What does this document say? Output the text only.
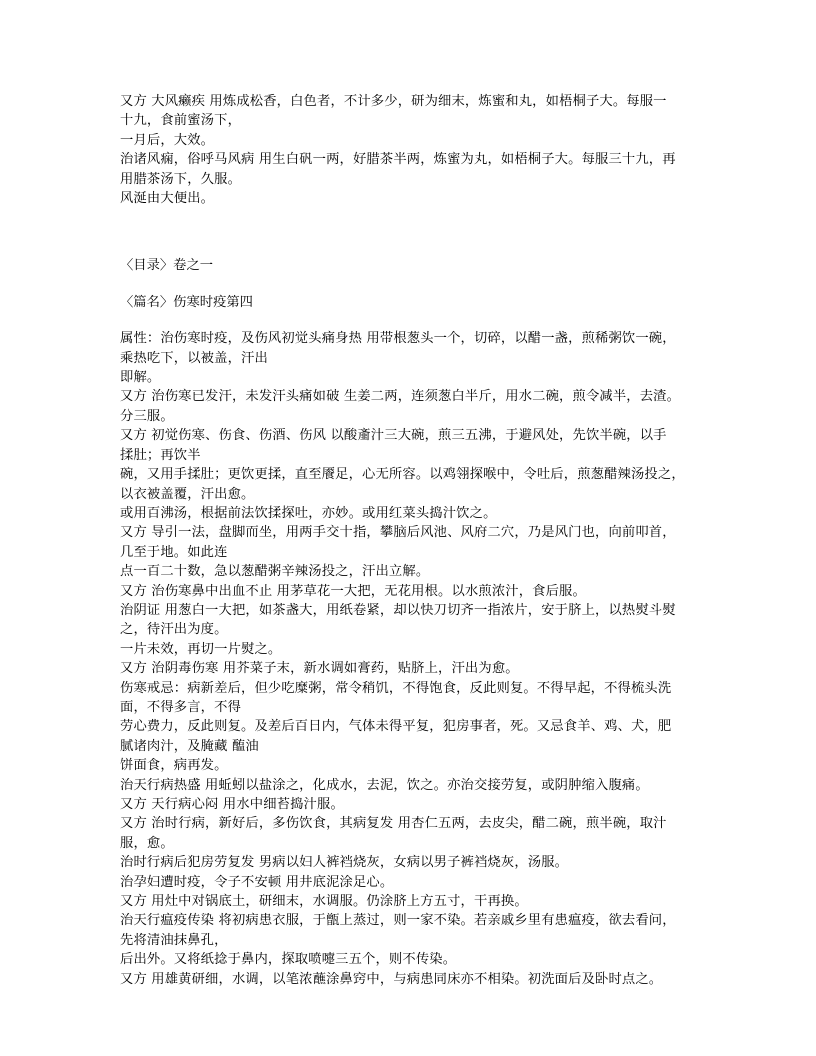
又方 大风癞疾 用炼成松香，白色者，不计多少，研为细末，炼蜜和丸，如梧桐子大。每服一
十九，食前蜜汤下，
一月后，大效。
治诸风痫，俗呼马风病 用生白矾一两，好腊茶半两，炼蜜为丸，如梧桐子大。每服三十九，再
用腊茶汤下，久服。
风涎由大便出。
〈目录〉卷之一
〈篇名〉伤寒时疫第四
属性：治伤寒时疫，及伤风初觉头痛身热 用带根葱头一个，切碎，以醋一盏，煎稀粥饮一碗，
乘热吃下，以被盖，汗出
即解。
又方 治伤寒已发汗，未发汗头痛如破 生姜二两，连须葱白半斤，用水二碗，煎令减半，去渣。
分三服。
又方 初觉伤寒、伤食、伤酒、伤风 以酸齑汁三大碗，煎三五沸，于避风处，先饮半碗，以手
揉肚；再饮半
碗，又用手揉肚；更饮更揉，直至餍足，心无所容。以鸡翎探喉中，令吐后，煎葱醋辣汤投之，
以衣被盖覆，汗出愈。
或用百沸汤，根据前法饮揉探吐，亦妙。或用红菜头捣汁饮之。
又方 导引一法，盘脚而坐，用两手交十指，攀脑后风池、风府二穴，乃是风门也，向前叩首，
几至于地。如此连
点一百二十数，急以葱醋粥辛辣汤投之，汗出立解。
又方 治伤寒鼻中出血不止 用茅草花一大把，无花用根。以水煎浓汁，食后服。
治阴证 用葱白一大把，如茶盏大，用纸卷紧，却以快刀切齐一指浓片，安于脐上，以热熨斗熨
之，待汗出为度。
一片未效，再切一片熨之。
又方 治阴毒伤寒 用芥菜子末，新水调如膏药，贴脐上，汗出为愈。
伤寒戒忌：病新差后，但少吃糜粥，常令稍饥，不得饱食，反此则复。不得早起，不得梳头洗
面，不得多言，不得
劳心费力，反此则复。及差后百日内，气体未得平复，犯房事者，死。又忌食羊、鸡、犬，肥
腻诸肉汁，及腌藏 醢油
饼面食，病再发。
治天行病热盛 用蚯蚓以盐涂之，化成水，去泥，饮之。亦治交接劳复，或阴肿缩入腹痛。
又方 天行病心闷 用水中细苔捣汁服。
又方 治时行病，新好后，多伤饮食，其病复发 用杏仁五两，去皮尖，醋二碗，煎半碗，取汁
服，愈。
治时行病后犯房劳复发 男病以妇人裤裆烧灰，女病以男子裤裆烧灰，汤服。
治孕妇遭时疫，令子不安顿 用井底泥涂足心。
又方 用灶中对锅底土，研细末，水调服。仍涂脐上方五寸，干再换。
治天行瘟疫传染 将初病患衣服，于甑上蒸过，则一家不染。若亲戚乡里有患瘟疫，欲去看问，
先将清油抹鼻孔，
后出外。又将纸捻于鼻内，探取喷嚏三五个，则不传染。
又方 用雄黄研细，水调，以笔浓蘸涂鼻窍中，与病患同床亦不相染。初洗面后及卧时点之。
